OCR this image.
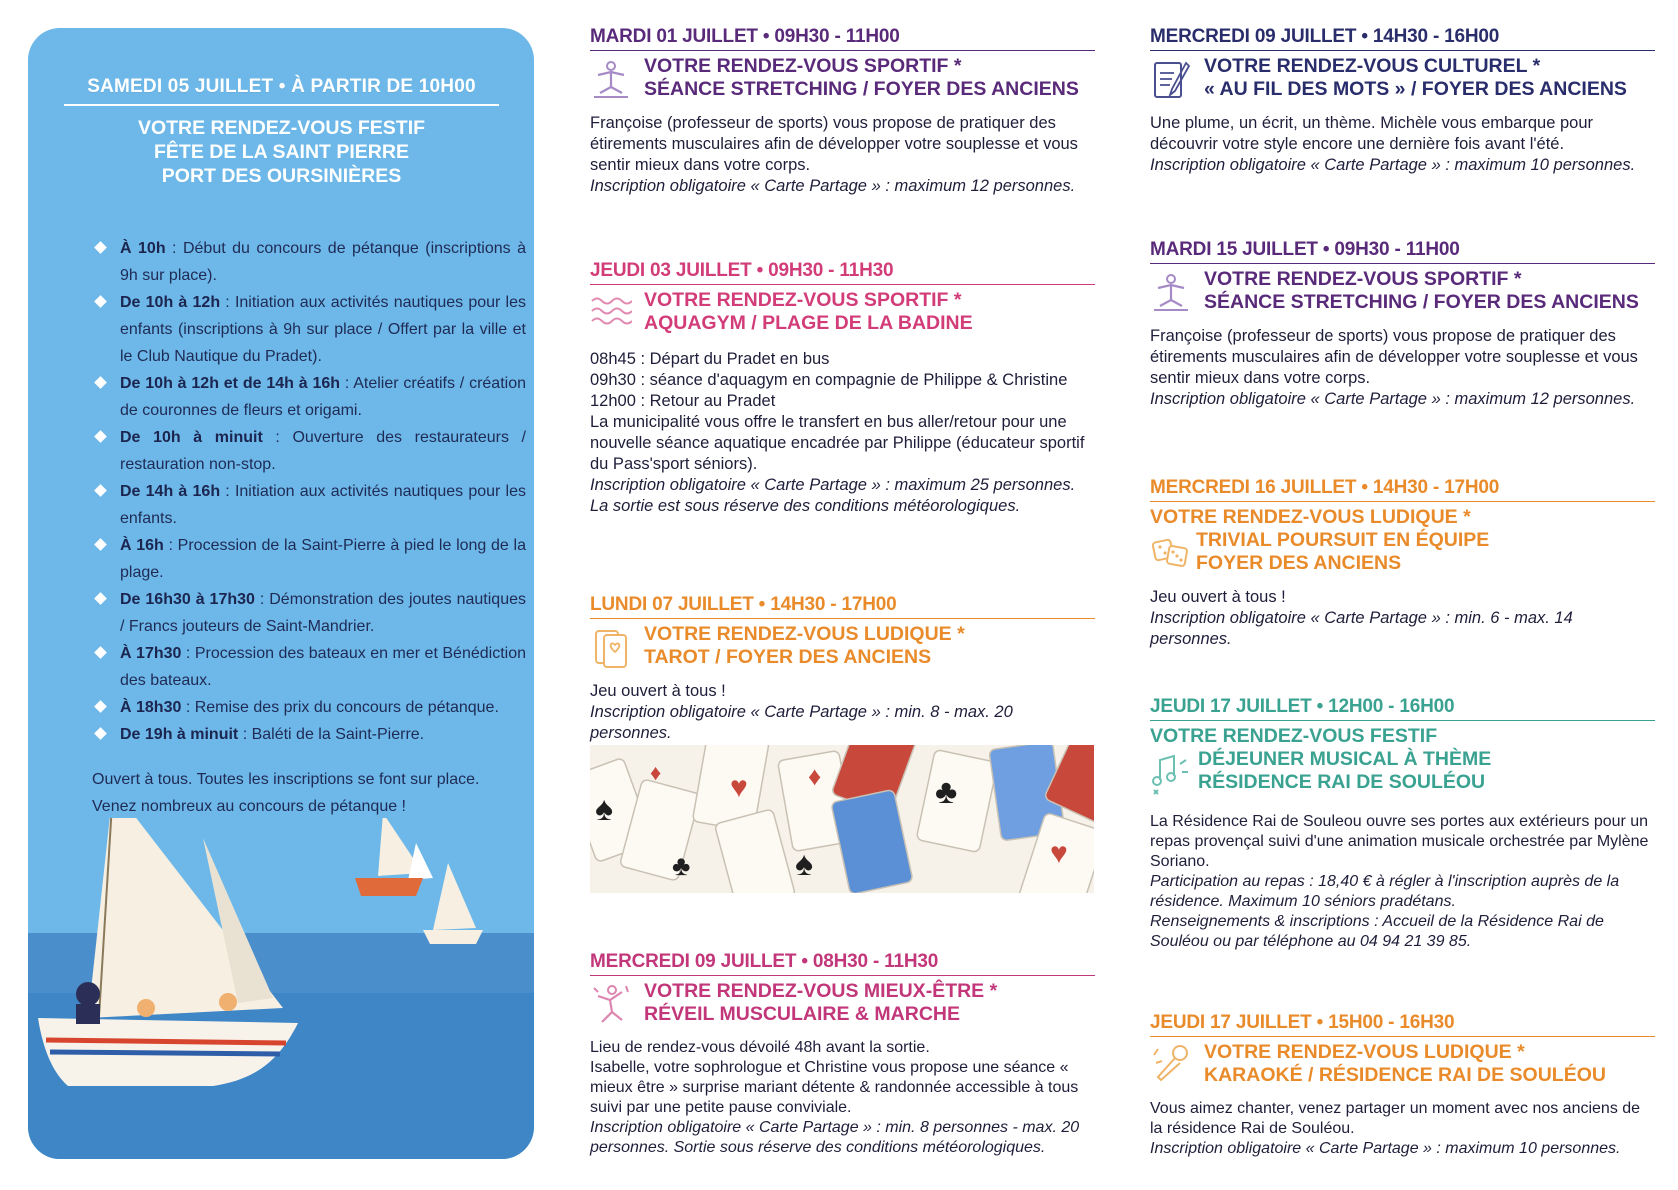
SAMEDI 05 JUILLET • À PARTIR DE 10H00
VOTRE RENDEZ-VOUS FESTIF
FÊTE DE LA SAINT PIERRE
PORT DES OURSINIÈRES
À 10h : Début du concours de pétanque (inscriptions à 9h sur place).
De 10h à 12h : Initiation aux activités nautiques pour les enfants (inscriptions à 9h sur place / Offert par la ville et le Club Nautique du Pradet).
De 10h à 12h et de 14h à 16h : Atelier créatifs / création de couronnes de fleurs et origami.
De 10h à minuit : Ouverture des restaurateurs / restauration non-stop.
De 14h à 16h : Initiation aux activités nautiques pour les enfants.
À 16h : Procession de la Saint-Pierre à pied le long de la plage.
De 16h30 à 17h30 : Démonstration des joutes nautiques / Francs jouteurs de Saint-Mandrier.
À 17h30 : Procession des bateaux en mer et Bénédiction des bateaux.
À 18h30 : Remise des prix du concours de pétanque.
De 19h à minuit : Baléti de la Saint-Pierre.
Ouvert à tous. Toutes les inscriptions se font sur place.
Venez nombreux au concours de pétanque !
MARDI 01 JUILLET • 09H30 - 11H00
VOTRE RENDEZ-VOUS SPORTIF *
SÉANCE STRETCHING / FOYER DES ANCIENS

Françoise (professeur de sports) vous propose de pratiquer des étirements musculaires afin de développer votre souplesse et vous sentir mieux dans votre corps.

Inscription obligatoire « Carte Partage » : maximum 12 personnes.

JEUDI 03 JUILLET • 09H30 - 11H30
VOTRE RENDEZ-VOUS SPORTIF *
AQUAGYM / PLAGE DE LA BADINE

08h45 : Départ du Pradet en bus

09h30 : séance d'aquagym en compagnie de Philippe & Christine

12h00 : Retour au Pradet

La municipalité vous offre le transfert en bus aller/retour pour une nouvelle séance aquatique encadrée par Philippe (éducateur sportif du Pass'sport séniors).

Inscription obligatoire « Carte Partage » : maximum 25 personnes.

La sortie est sous réserve des conditions météorologiques.

LUNDI 07 JUILLET • 14H30 - 17H00
VOTRE RENDEZ-VOUS LUDIQUE *
TAROT / FOYER DES ANCIENS

Jeu ouvert à tous !

Inscription obligatoire « Carte Partage » : min. 8 - max. 20 personnes.

♠
♥
♣	♠
♦	♣
♥
♦
MERCREDI 09 JUILLET • 08H30 - 11H30
VOTRE RENDEZ-VOUS MIEUX-ÊTRE *
RÉVEIL MUSCULAIRE & MARCHE

Lieu de rendez-vous dévoilé 48h avant la sortie.

Isabelle, votre sophrologue et Christine vous propose une séance « mieux être » surprise mariant détente & randonnée accessible à tous suivi par une petite pause conviviale.

Inscription obligatoire « Carte Partage » : min. 8 personnes - max. 20 personnes. Sortie sous réserve des conditions météorologiques.

MERCREDI 09 JUILLET • 14H30 - 16H00
VOTRE RENDEZ-VOUS CULTUREL *
« AU FIL DES MOTS » / FOYER DES ANCIENS

Une plume, un écrit, un thème. Michèle vous embarque pour découvrir votre style encore une dernière fois avant l'été.

Inscription obligatoire « Carte Partage » : maximum 10 personnes.

MARDI 15 JUILLET • 09H30 - 11H00
VOTRE RENDEZ-VOUS SPORTIF *
SÉANCE STRETCHING / FOYER DES ANCIENS

Françoise (professeur de sports) vous propose de pratiquer des étirements musculaires afin de développer votre souplesse et vous sentir mieux dans votre corps.

Inscription obligatoire « Carte Partage » : maximum 12 personnes.

MERCREDI 16 JUILLET • 14H30 - 17H00
VOTRE RENDEZ-VOUS LUDIQUE *
TRIVIAL POURSUIT EN ÉQUIPE
FOYER DES ANCIENS

Jeu ouvert à tous !

Inscription obligatoire « Carte Partage » : min. 6 - max. 14 personnes.

JEUDI 17 JUILLET • 12H00 - 16H00
VOTRE RENDEZ-VOUS FESTIF
DÉJEUNER MUSICAL À THÈME
RÉSIDENCE RAI DE SOULÉOU

La Résidence Rai de Souleou ouvre ses portes aux extérieurs pour un repas provençal suivi d'une animation musicale orchestrée par Mylène Soriano.

Participation au repas : 18,40 € à régler à l'inscription auprès de la résidence. Maximum 10 séniors pradétans.

Renseignements & inscriptions : Accueil de la Résidence Rai de Souléou ou par téléphone au 04 94 21 39 85.

JEUDI 17 JUILLET • 15H00 - 16H30
VOTRE RENDEZ-VOUS LUDIQUE *
KARAOKÉ / RÉSIDENCE RAI DE SOULÉOU

Vous aimez chanter, venez partager un moment avec nos anciens de la résidence Rai de Souléou.

Inscription obligatoire « Carte Partage » : maximum 10 personnes.
